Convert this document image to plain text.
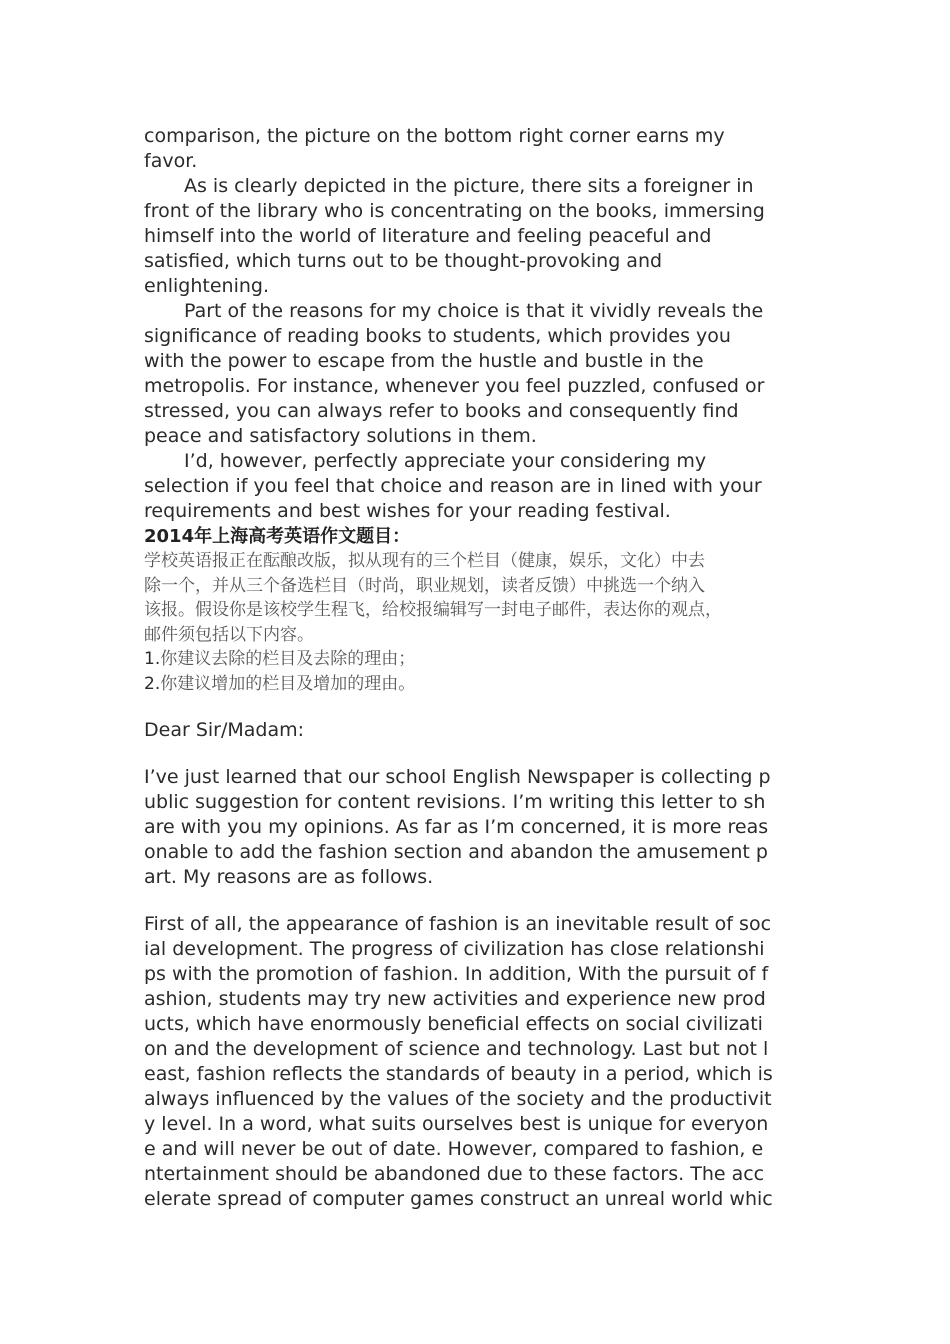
comparison, the picture on the bottom right corner earns my

favor.

As is clearly depicted in the picture, there sits a foreigner in

front of the library who is concentrating on the books, immersing

himself into the world of literature and feeling peaceful and

satisfied, which turns out to be thought-provoking and

enlightening.

Part of the reasons for my choice is that it vividly reveals the

significance of reading books to students, which provides you

with the power to escape from the hustle and bustle in the

metropolis. For instance, whenever you feel puzzled, confused or

stressed, you can always refer to books and consequently find

peace and satisfactory solutions in them.

I’d, however, perfectly appreciate your considering my

selection if you feel that choice and reason are in lined with your

requirements and best wishes for your reading festival.

2014年上海高考英语作文题目：

学校英语报正在酝酿改版，拟从现有的三个栏目（健康，娱乐，文化）中去

除一个，并从三个备选栏目（时尚，职业规划，读者反馈）中挑选一个纳入

该报。假设你是该校学生程飞，给校报编辑写一封电子邮件，表达你的观点，

邮件须包括以下内容。

1.你建议去除的栏目及去除的理由；

2.你建议增加的栏目及增加的理由。

Dear Sir/Madam:

I’ve just learned that our school English Newspaper is collecting p

ublic suggestion for content revisions. I’m writing this letter to sh

are with you my opinions. As far as I’m concerned, it is more reas

onable to add the fashion section and abandon the amusement p

art. My reasons are as follows.

First of all, the appearance of fashion is an inevitable result of soc

ial development. The progress of civilization has close relationshi

ps with the promotion of fashion. In addition, With the pursuit of f

ashion, students may try new activities and experience new prod

ucts, which have enormously beneficial effects on social civilizati

on and the development of science and technology. Last but not l

east, fashion reflects the standards of beauty in a period, which is

always influenced by the values of the society and the productivit

y level. In a word, what suits ourselves best is unique for everyon

e and will never be out of date. However, compared to fashion, e

ntertainment should be abandoned due to these factors. The acc

elerate spread of computer games construct an unreal world whic
